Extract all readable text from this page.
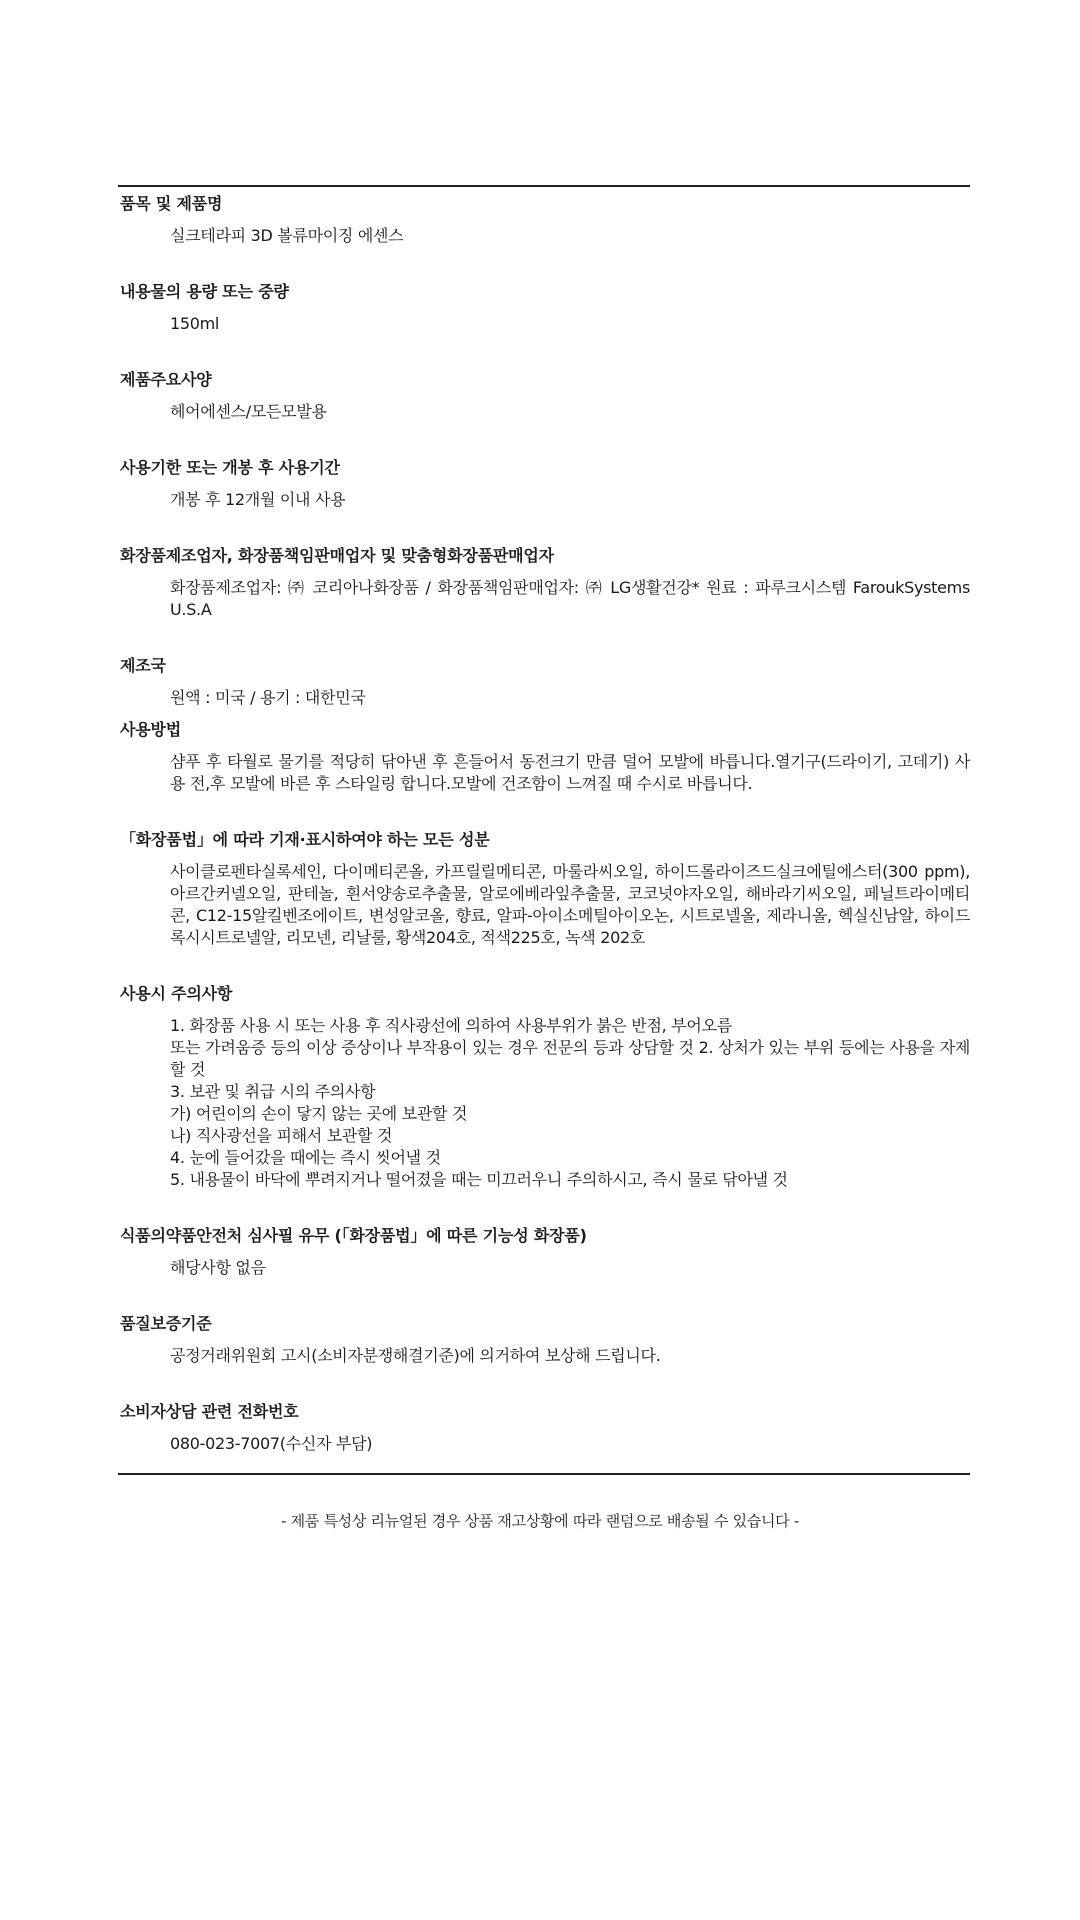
품목 및 제품명

실크테라피 3D 볼류마이징 에센스

내용물의 용량 또는 중량

150ml

제품주요사양

헤어에센스/모든모발용

사용기한 또는 개봉 후 사용기간

개봉 후 12개월 이내 사용

화장품제조업자, 화장품책임판매업자 및 맞춤형화장품판매업자

화장품제조업자: ㈜ 코리아나화장품 / 화장품책임판매업자: ㈜ LG생활건강* 원료 : 파루크시스템 FaroukSystems U.S.A

제조국

원액 : 미국 / 용기 : 대한민국

사용방법

샴푸 후 타월로 물기를 적당히 닦아낸 후 흔들어서 동전크기 만큼 덜어 모발에 바릅니다.열기구(드라이기, 고데기) 사용 전,후 모발에 바른 후 스타일링 합니다.모발에 건조함이 느껴질 때 수시로 바릅니다.

「화장품법」에 따라 기재·표시하여야 하는 모든 성분

사이클로펜타실록세인, 다이메티콘올, 카프릴릴메티콘, 마룰라씨오일, 하이드롤라이즈드실크에틸에스터(300 ppm), 아르간커넬오일, 판테놀, 흰서양송로추출물, 알로에베라잎추출물, 코코넛야자오일, 해바라기씨오일, 페닐트라이메티콘, C12-15알킬벤조에이트, 변성알코올, 향료, 알파-아이소메틸아이오논, 시트로넬올, 제라니올, 헥실신남알, 하이드록시시트로넬알, 리모넨, 리날룰, 황색204호, 적색225호, 녹색 202호

사용시 주의사항

1. 화장품 사용 시 또는 사용 후 직사광선에 의하여 사용부위가 붉은 반점, 부어오름
또는 가려움증 등의 이상 증상이나 부작용이 있는 경우 전문의 등과 상담할 것 2. 상처가 있는 부위 등에는 사용을 자제할 것
3. 보관 및 취급 시의 주의사항
가) 어린이의 손이 닿지 않는 곳에 보관할 것
나) 직사광선을 피해서 보관할 것
4. 눈에 들어갔을 때에는 즉시 씻어낼 것
5. 내용물이 바닥에 뿌려지거나 떨어졌을 때는 미끄러우니 주의하시고, 즉시 물로 닦아낼 것

식품의약품안전처 심사필 유무 (「화장품법」에 따른 기능성 화장품)

해당사항 없음

품질보증기준

공정거래위원회 고시(소비자분쟁해결기준)에 의거하여 보상해 드립니다.

소비자상담 관련 전화번호

080-023-7007(수신자 부담)

- 제품 특성상 리뉴얼된 경우 상품 재고상황에 따라 랜덤으로 배송될 수 있습니다 -
